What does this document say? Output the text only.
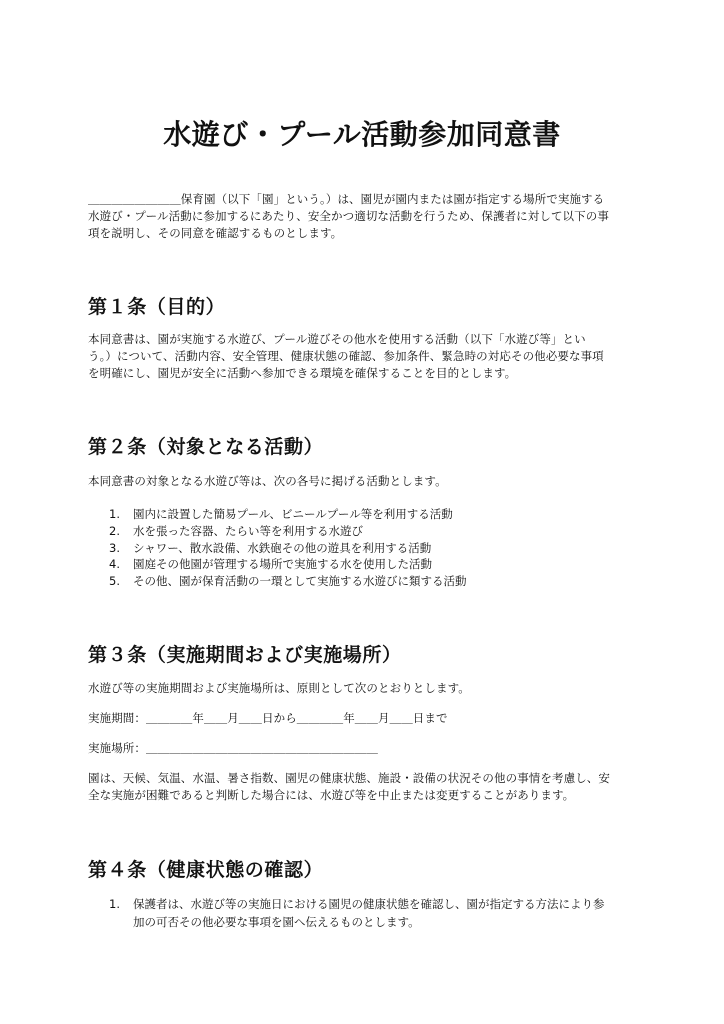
水遊び・プール活動参加同意書

＿＿＿＿＿＿＿＿保育園（以下「園」という。）は、園児が園内または園が指定する場所で実施する
水遊び・プール活動に参加するにあたり、安全かつ適切な活動を行うため、保護者に対して以下の事
項を説明し、その同意を確認するものとします。

第１条（目的）

本同意書は、園が実施する水遊び、プール遊びその他水を使用する活動（以下「水遊び等」とい
う。）について、活動内容、安全管理、健康状態の確認、参加条件、緊急時の対応その他必要な事項
を明確にし、園児が安全に活動へ参加できる環境を確保することを目的とします。

第２条（対象となる活動）

本同意書の対象となる水遊び等は、次の各号に掲げる活動とします。

1. 園内に設置した簡易プール、ビニールプール等を利用する活動
2. 水を張った容器、たらい等を利用する水遊び
3. シャワー、散水設備、水鉄砲その他の遊具を利用する活動
4. 園庭その他園が管理する場所で実施する水を使用した活動
5. その他、園が保育活動の一環として実施する水遊びに類する活動
第３条（実施期間および実施場所）

水遊び等の実施期間および実施場所は、原則として次のとおりとします。

実施期間：＿＿＿＿年＿＿月＿＿日から＿＿＿＿年＿＿月＿＿日まで

実施場所：＿＿＿＿＿＿＿＿＿＿＿＿＿＿＿＿＿＿＿＿

園は、天候、気温、水温、暑さ指数、園児の健康状態、施設・設備の状況その他の事情を考慮し、安
全な実施が困難であると判断した場合には、水遊び等を中止または変更することがあります。

第４条（健康状態の確認）
1. 保護者は、水遊び等の実施日における園児の健康状態を確認し、園が指定する方法により参
加の可否その他必要な事項を園へ伝えるものとします。
